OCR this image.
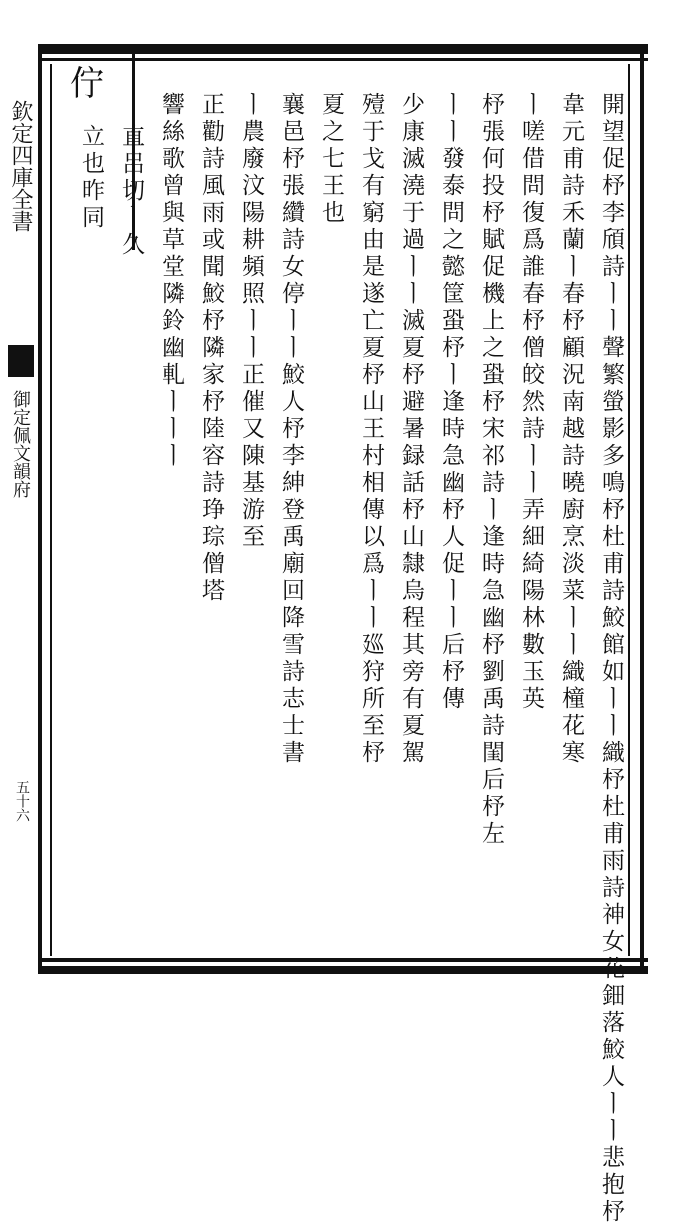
欽定四庫全書
御定佩文韻府
五十六
佇
開望促杼李頎詩ㅣㅣ聲繁螢影多鳴杼杜甫詩鮫館如ㅣㅣ織杼杜甫雨詩神女花鈿落鮫人ㅣㅣ悲抱杼
韋元甫詩禾蘭ㅣ春杼顧況南越詩曉廚烹淡菜ㅣㅣ織橦花寒
ㅣ嗟借問復爲誰春杼僧皎然詩ㅣㅣ弄細綺陽林數玉英
杼張何投杼賦促機上之蛩杼宋祁詩ㅣ逢時急幽杼劉禹詩閨后杼左
ㅣㅣ發泰問之懿筐蛩杼ㅣ逢時急幽杼人促ㅣㅣ后杼傳
少康滅澆于過ㅣㅣ滅夏杼避暑録話杼山隸烏程其旁有夏駕
殪于戈有窮由是遂亡夏杼山王村相傳以爲ㅣㅣ廵狩所至杼
夏之七王也
襄邑杼張纘詩女停ㅣㅣ鮫人杼李紳登禹廟回降雪詩志士書
ㅣ農廢汶陽耕頻照ㅣㅣ正催又陳基游至
正勸詩風雨或聞鮫杼隣家杼陸容詩琤琮僧塔
響絲歌曾與草堂隣鈴幽軋ㅣㅣㅣ
直呂切ㅣ久
立也昨同
